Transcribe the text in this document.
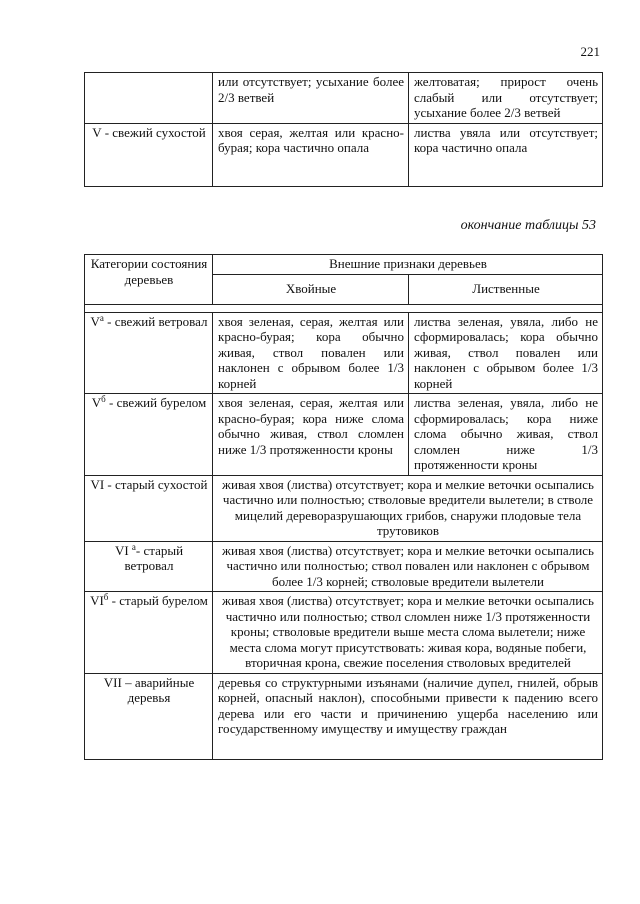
221
	или отсутствует; усыхание более 2/3 ветвей	желтоватая; прирост очень слабый или отсутствует; усыхание более 2/3 ветвей
V - свежий сухостой	хвоя серая, желтая или красно-бурая; кора частично опала	листва увяла или отсутствует; кора частично опала
окончание таблицы 53
Категории состояния деревьев	Внешние признаки деревьев	
	Хвойные	Лиственные

$V^а$ - свежий ветровал	хвоя зеленая, серая, желтая или красно-бурая; кора обычно живая, ствол повален или наклонен с обрывом более 1/3 корней	листва зеленая, увяла, либо не сформировалась; кора обычно живая, ствол повален или наклонен с обрывом более 1/3 корней
$V^б$ - свежий бурелом	хвоя зеленая, серая, желтая или красно-бурая; кора ниже слома обычно живая, ствол сломлен ниже 1/3 протяженности кроны	листва зеленая, увяла, либо не сформировалась; кора ниже слома обычно живая, ствол сломлен ниже 1/3 протяженности кроны
VI - старый сухостой	живая хвоя (листва) отсутствует; кора и мелкие веточки осыпались частично или полностью; стволовые вредители вылетели; в стволе мицелий дереворазрушающих грибов, снаружи плодовые тела трутовиков	
VI $^а$- старый ветровал	живая хвоя (листва) отсутствует; кора и мелкие веточки осыпались частично или полностью; ствол повален или наклонен с обрывом более 1/3 корней; стволовые вредители вылетели	
$VI^б$ - старый бурелом	живая хвоя (листва) отсутствует; кора и мелкие веточки осыпались частично или полностью; ствол сломлен ниже 1/3 протяженности кроны; стволовые вредители выше места слома вылетели; ниже места слома могут присутствовать: живая кора, водяные побеги, вторичная крона, свежие поселения стволовых вредителей	
VII – аварийные деревья	деревья со структурными изъянами (наличие дупел, гнилей, обрыв корней, опасный наклон), способными привести к падению всего дерева или его части и причинению ущерба населению или государственному имуществу и имуществу граждан	
